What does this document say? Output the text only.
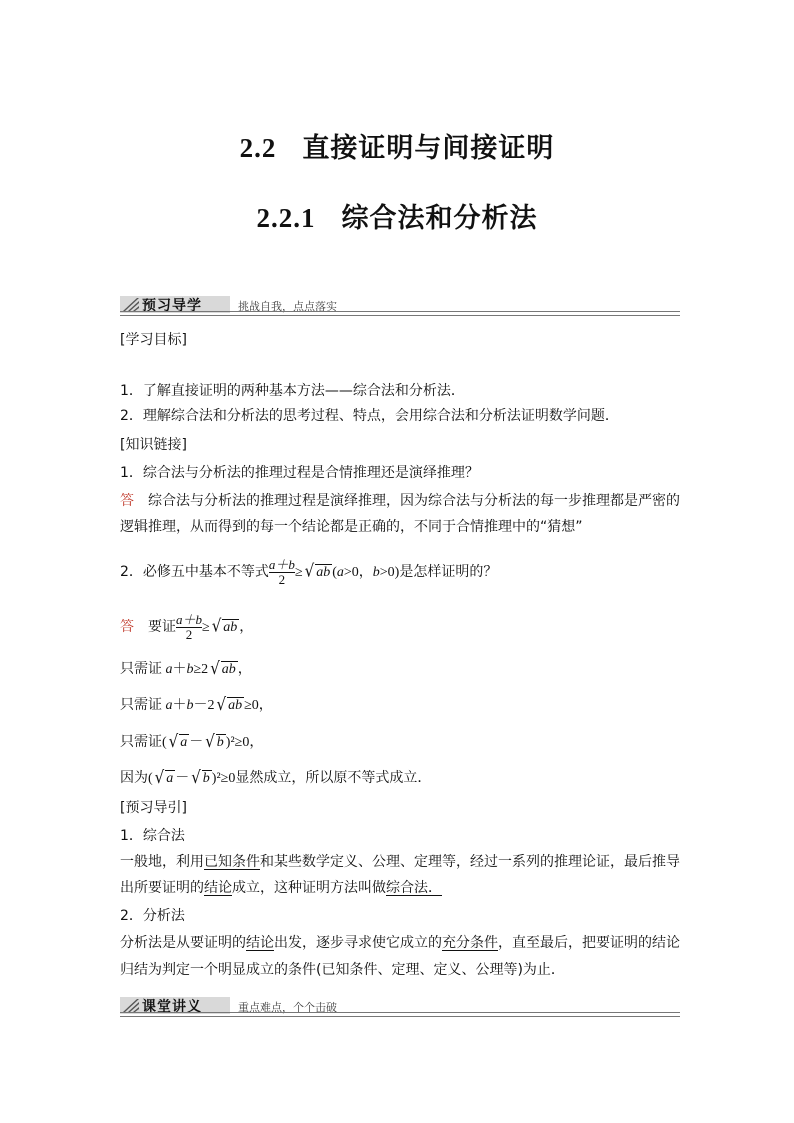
2.2 直接证明与间接证明
2.2.1 综合法和分析法
预习导学	挑战自我，点点落实
[学习目标]
1．了解直接证明的两种基本方法——综合法和分析法．
2．理解综合法和分析法的思考过程、特点，会用综合法和分析法证明数学问题．
[知识链接]
1．综合法与分析法的推理过程是合情推理还是演绎推理？
答 综合法与分析法的推理过程是演绎推理，因为综合法与分析法的每一步推理都是严密的
逻辑推理，从而得到的每一个结论都是正确的，不同于合情推理中的“猜想”
2．必修五中基本不等式 $\frac{a+b}{2}$ ≥ √ ab (a>0，b>0)是怎样证明的？
答 要证 $\frac{a+b}{2}$ ≥ √ ab ，
只需证 a＋b≥2 √ ab ，
只需证 a＋b－2 √ ab ≥0，
只需证( √ a － √ b )²≥0，
因为( √ a － √ b )²≥0显然成立，所以原不等式成立．
[预习导引]
1．综合法
一般地，利用已知条件和某些数学定义、公理、定理等，经过一系列的推理论证，最后推导
出所要证明的结论成立，这种证明方法叫做综合法．
2．分析法
分析法是从要证明的结论出发，逐步寻求使它成立的充分条件，直至最后，把要证明的结论
归结为判定一个明显成立的条件(已知条件、定理、定义、公理等)为止．
课堂讲义	重点难点，个个击破
